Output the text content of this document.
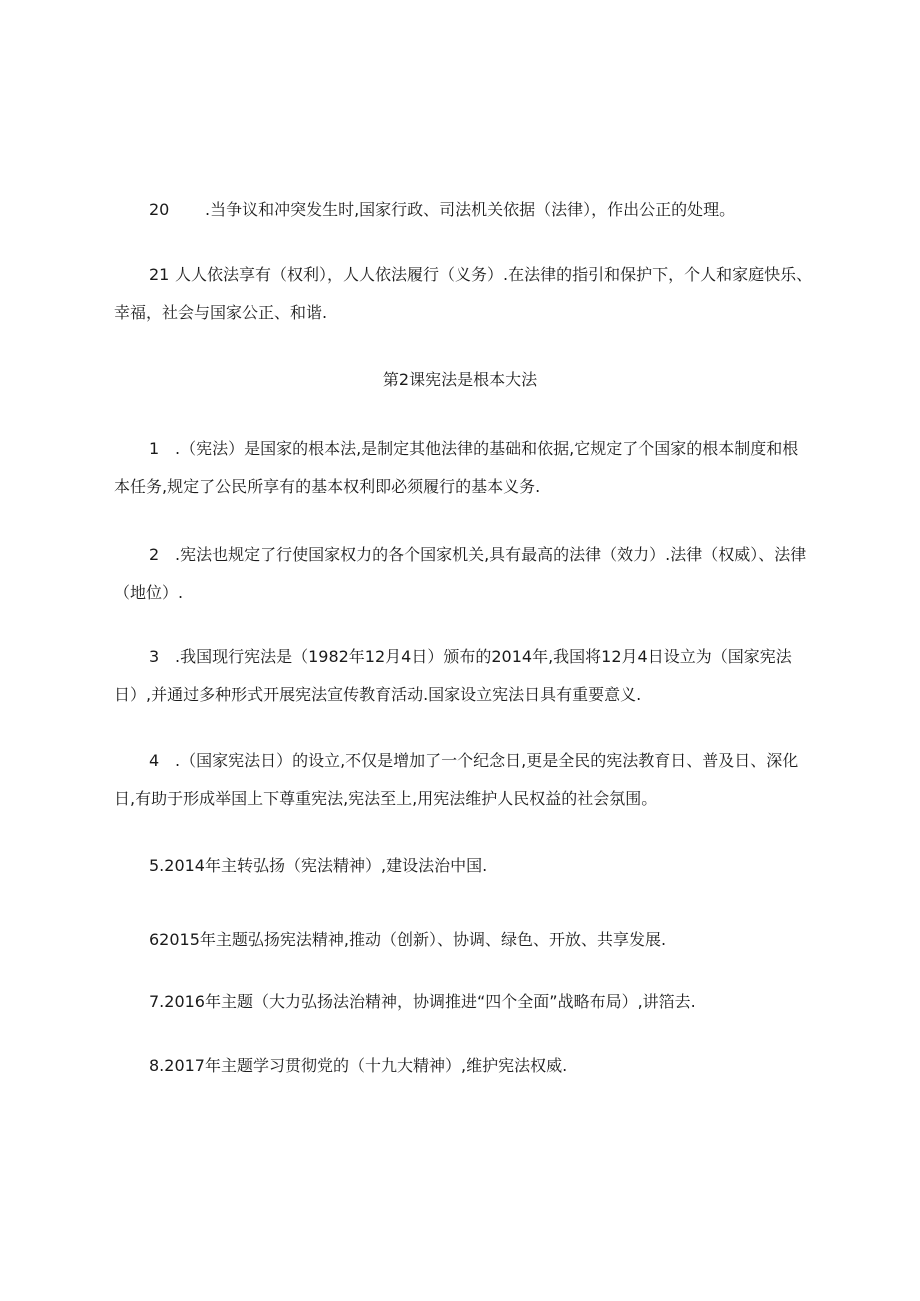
20 .当争议和冲突发生时,国家行政、司法机关依据（法律），作出公正的处理。

21 人人依法享有（权利），人人依法履行（义务）.在法律的指引和保护下，个人和家庭快乐、幸福，社会与国家公正、和谐.

第2课宪法是根本大法

1 .（宪法）是国家的根本法,是制定其他法律的基础和依据,它规定了个国家的根本制度和根本任务,规定了公民所享有的基本权利即必须履行的基本义务.

2 .宪法也规定了行使国家权力的各个国家机关,具有最高的法律（效力）.法律（权威）、法律（地位）.

3 .我国现行宪法是（1982年12月4日）颁布的2014年,我国将12月4日设立为（国家宪法日）,并通过多种形式开展宪法宣传教育活动.国家设立宪法日具有重要意义.

4 .（国家宪法日）的设立,不仅是增加了一个纪念日,更是全民的宪法教育日、普及日、深化日,有助于形成举国上下尊重宪法,宪法至上,用宪法维护人民权益的社会氛围。

5.2014年主转弘扬（宪法精神）,建设法治中国.

62015年主题弘扬宪法精神,推动（创新）、协调、绿色、开放、共享发展.

7.2016年主题（大力弘扬法治精神，协调推进“四个全面”战略布局）,讲箔去.

8.2017年主题学习贯彻党的（十九大精神）,维护宪法权威.
